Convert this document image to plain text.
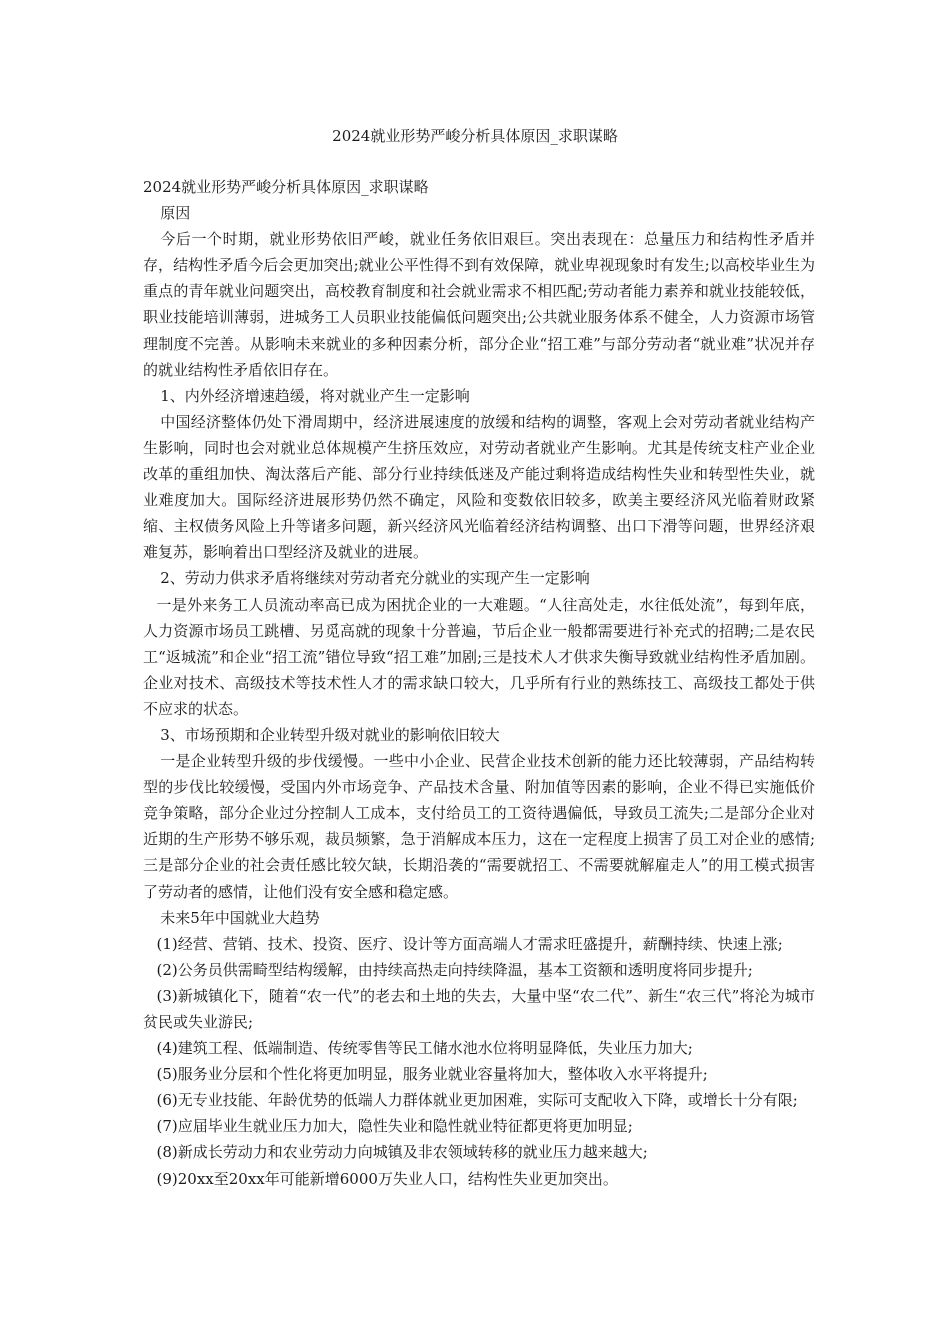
2024就业形势严峻分析具体原因_求职谋略

2024就业形势严峻分析具体原因_求职谋略

原因

今后一个时期，就业形势依旧严峻，就业任务依旧艰巨。突出表现在：总量压力和结构性矛盾并存，结构性矛盾今后会更加突出;就业公平性得不到有效保障，就业卑视现象时有发生;以高校毕业生为重点的青年就业问题突出，高校教育制度和社会就业需求不相匹配;劳动者能力素养和就业技能较低，职业技能培训薄弱，进城务工人员职业技能偏低问题突出;公共就业服务体系不健全，人力资源市场管理制度不完善。从影响未来就业的多种因素分析，部分企业“招工难”与部分劳动者“就业难”状况并存的就业结构性矛盾依旧存在。

1、内外经济增速趋缓，将对就业产生一定影响

中国经济整体仍处下滑周期中，经济进展速度的放缓和结构的调整，客观上会对劳动者就业结构产生影响，同时也会对就业总体规模产生挤压效应，对劳动者就业产生影响。尤其是传统支柱产业企业改革的重组加快、淘汰落后产能、部分行业持续低迷及产能过剩将造成结构性失业和转型性失业，就业难度加大。国际经济进展形势仍然不确定，风险和变数依旧较多，欧美主要经济风光临着财政紧缩、主权债务风险上升等诸多问题，新兴经济风光临着经济结构调整、出口下滑等问题，世界经济艰难复苏，影响着出口型经济及就业的进展。

2、劳动力供求矛盾将继续对劳动者充分就业的实现产生一定影响

一是外来务工人员流动率高已成为困扰企业的一大难题。“人往高处走，水往低处流”，每到年底，人力资源市场员工跳槽、另觅高就的现象十分普遍，节后企业一般都需要进行补充式的招聘;二是农民工“返城流”和企业“招工流”错位导致“招工难”加剧;三是技术人才供求失衡导致就业结构性矛盾加剧。企业对技术、高级技术等技术性人才的需求缺口较大，几乎所有行业的熟练技工、高级技工都处于供不应求的状态。

3、市场预期和企业转型升级对就业的影响依旧较大

一是企业转型升级的步伐缓慢。一些中小企业、民营企业技术创新的能力还比较薄弱，产品结构转型的步伐比较缓慢，受国内外市场竞争、产品技术含量、附加值等因素的影响，企业不得已实施低价竞争策略，部分企业过分控制人工成本，支付给员工的工资待遇偏低，导致员工流失;二是部分企业对近期的生产形势不够乐观，裁员频繁，急于消解成本压力，这在一定程度上损害了员工对企业的感情;三是部分企业的社会责任感比较欠缺，长期沿袭的“需要就招工、不需要就解雇走人”的用工模式损害了劳动者的感情，让他们没有安全感和稳定感。

未来5年中国就业大趋势

(1)经营、营销、技术、投资、医疗、设计等方面高端人才需求旺盛提升，薪酬持续、快速上涨;

(2)公务员供需畸型结构缓解，由持续高热走向持续降温，基本工资额和透明度将同步提升;

(3)新城镇化下，随着“农一代”的老去和土地的失去，大量中坚“农二代”、新生“农三代”将沦为城市贫民或失业游民;

(4)建筑工程、低端制造、传统零售等民工储水池水位将明显降低，失业压力加大;

(5)服务业分层和个性化将更加明显，服务业就业容量将加大，整体收入水平将提升;

(6)无专业技能、年龄优势的低端人力群体就业更加困难，实际可支配收入下降，或增长十分有限;

(7)应届毕业生就业压力加大，隐性失业和隐性就业特征都更将更加明显;

(8)新成长劳动力和农业劳动力向城镇及非农领域转移的就业压力越来越大;

(9)20xx至20xx年可能新增6000万失业人口，结构性失业更加突出。
